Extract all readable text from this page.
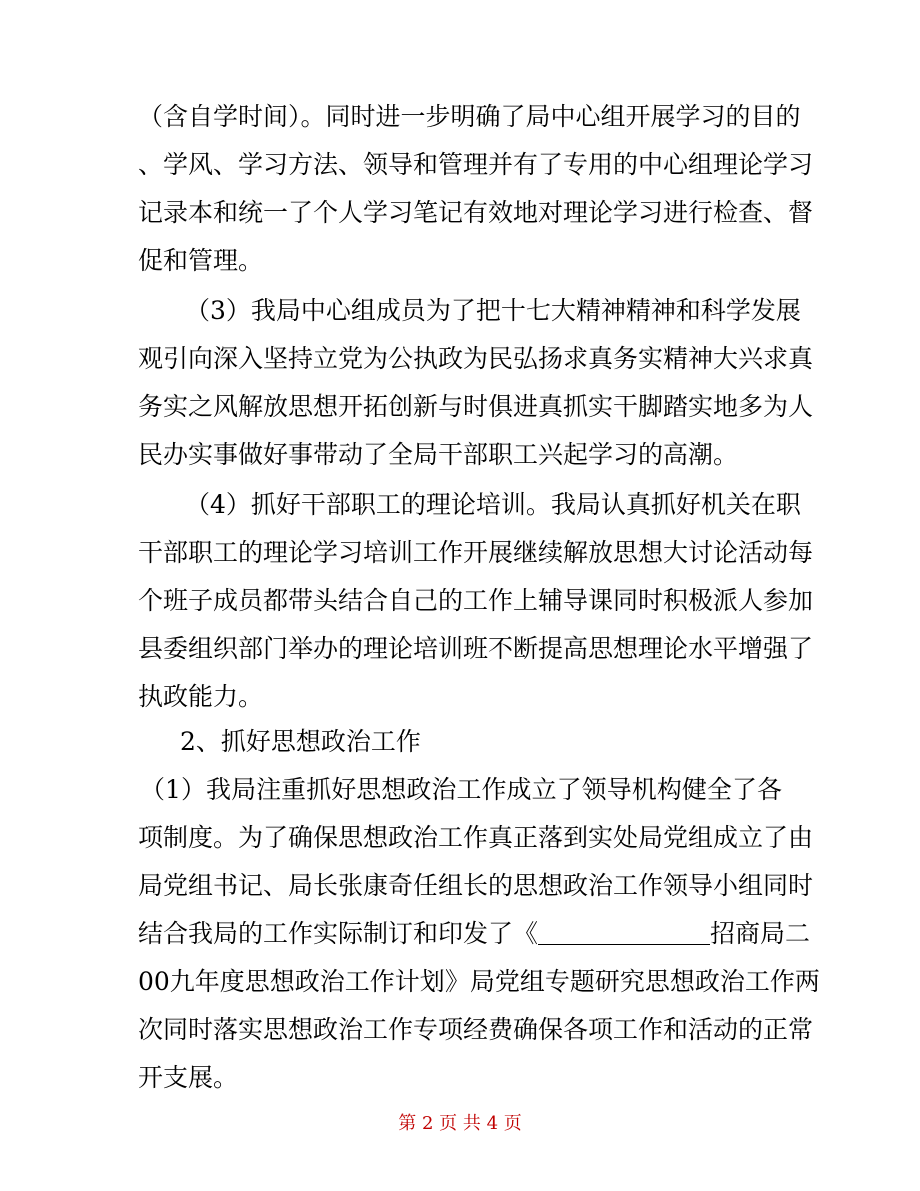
（含自学时间）。同时进一步明确了局中心组开展学习的目的
、学风、学习方法、领导和管理并有了专用的中心组理论学习
记录本和统一了个人学习笔记有效地对理论学习进行检查、督
促和管理。
（3）我局中心组成员为了把十七大精神精神和科学发展
观引向深入坚持立党为公执政为民弘扬求真务实精神大兴求真
务实之风解放思想开拓创新与时俱进真抓实干脚踏实地多为人
民办实事做好事带动了全局干部职工兴起学习的高潮。
（4）抓好干部职工的理论培训。我局认真抓好机关在职
干部职工的理论学习培训工作开展继续解放思想大讨论活动每
个班子成员都带头结合自己的工作上辅导课同时积极派人参加
县委组织部门举办的理论培训班不断提高思想理论水平增强了
执政能力。
2、抓好思想政治工作
（1）我局注重抓好思想政治工作成立了领导机构健全了各
项制度。为了确保思想政治工作真正落到实处局党组成立了由
局党组书记、局长张康奇任组长的思想政治工作领导小组同时
结合我局的工作实际制订和印发了《	招商局二
00九年度思想政治工作计划》局党组专题研究思想政治工作两
次同时落实思想政治工作专项经费确保各项工作和活动的正常
开支展。
第 2 页 共 4 页
